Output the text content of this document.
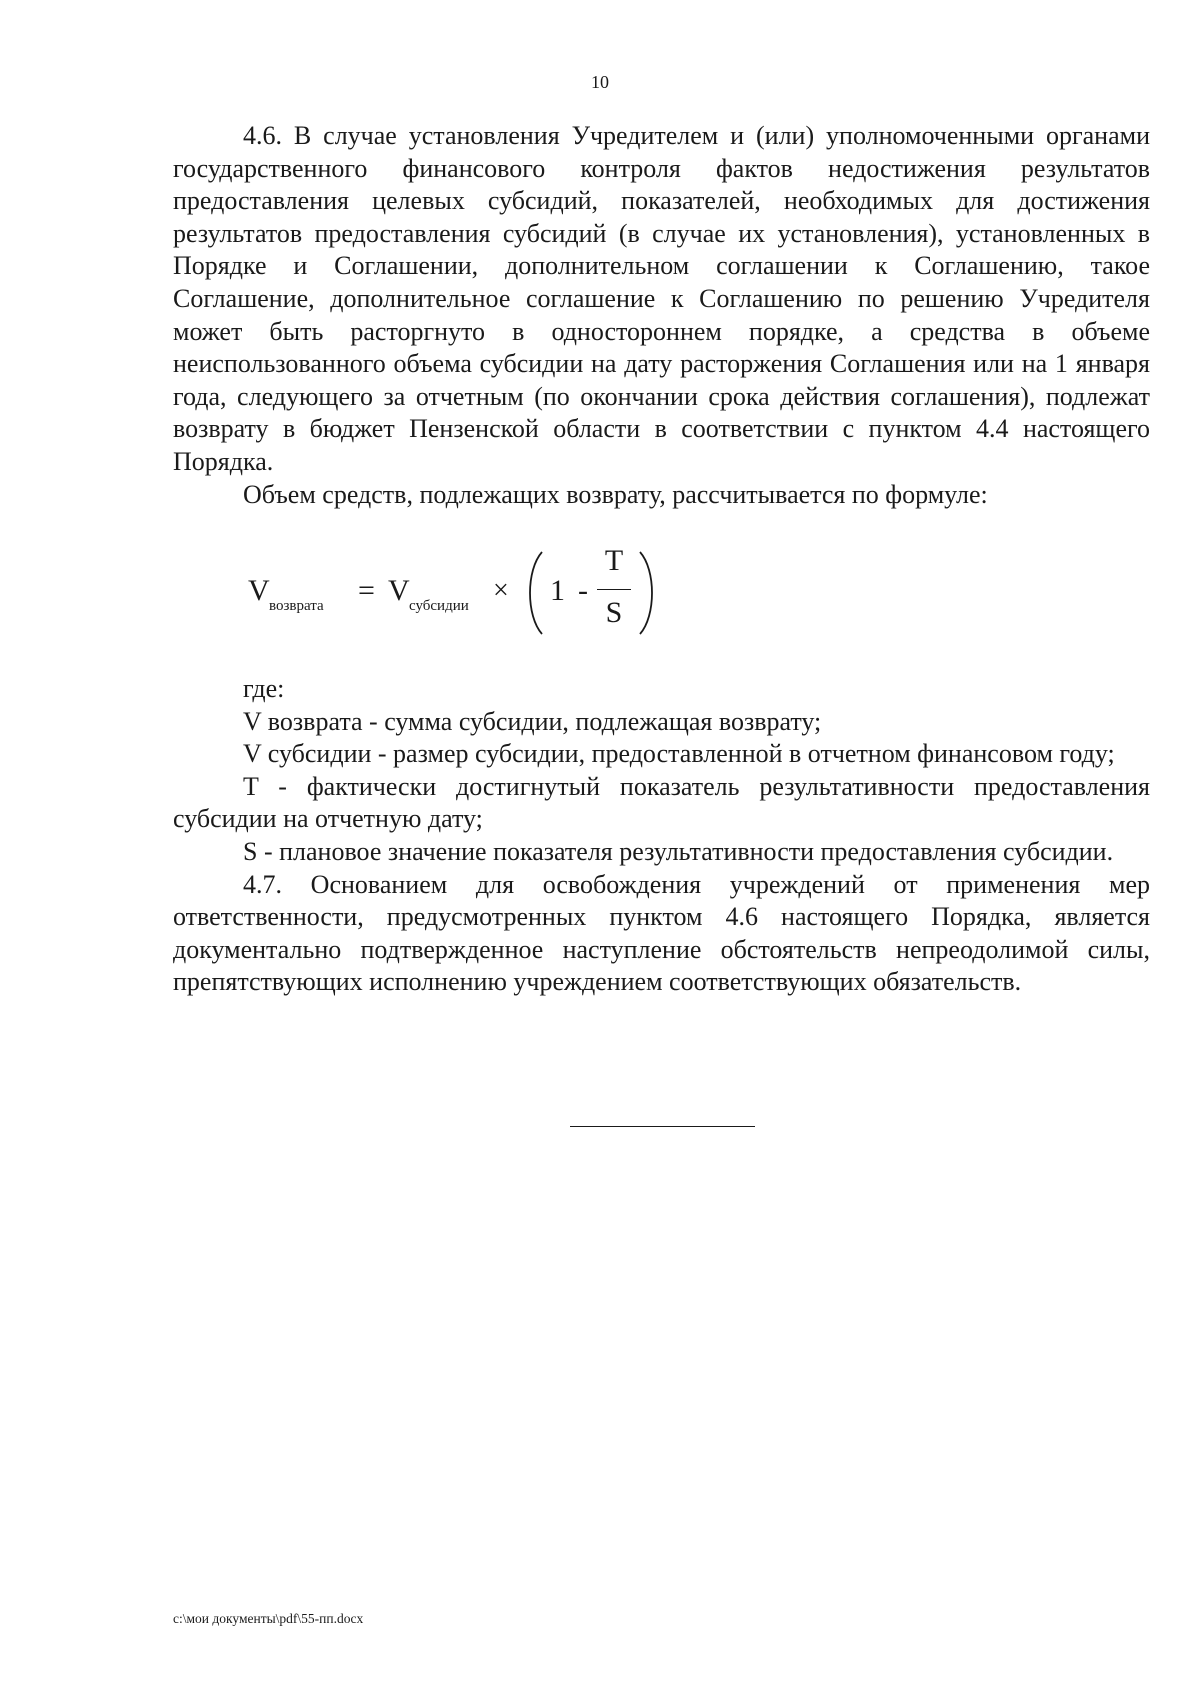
10

4.6. В случае установления Учредителем и (или) уполномоченными органами государственного финансового контроля фактов недостижения результатов предоставления целевых субсидий, показателей, необходимых для достижения результатов предоставления субсидий (в случае их установления), установленных в Порядке и Соглашении, дополнительном соглашении к Соглашению, такое Соглашение, дополнительное соглашение к Соглашению по решению Учредителя может быть расторгнуто в одностороннем порядке, а средства в объеме неиспользованного объема субсидии на дату расторжения Соглашения или на 1 января года, следующего за отчетным (по окончании срока действия соглашения), подлежат возврату в бюджет Пензенской области в соответствии с пунктом 4.4 настоящего Порядка.

Объем средств, подлежащих возврату, рассчитывается по формуле:

V возврата = V субсидии × 1 -
T
S

где:

V возврата - сумма субсидии, подлежащая возврату;

V субсидии - размер субсидии, предоставленной в отчетном финансовом году;

T - фактически достигнутый показатель результативности предоставления субсидии на отчетную дату;

S - плановое значение показателя результативности предоставления субсидии.

4.7. Основанием для освобождения учреждений от применения мер ответственности, предусмотренных пунктом 4.6 настоящего Порядка, является документально подтвержденное наступление обстоятельств непреодолимой силы, препятствующих исполнению учреждением соответствующих обязательств.

c:\мои документы\pdf\55-пп.docx
